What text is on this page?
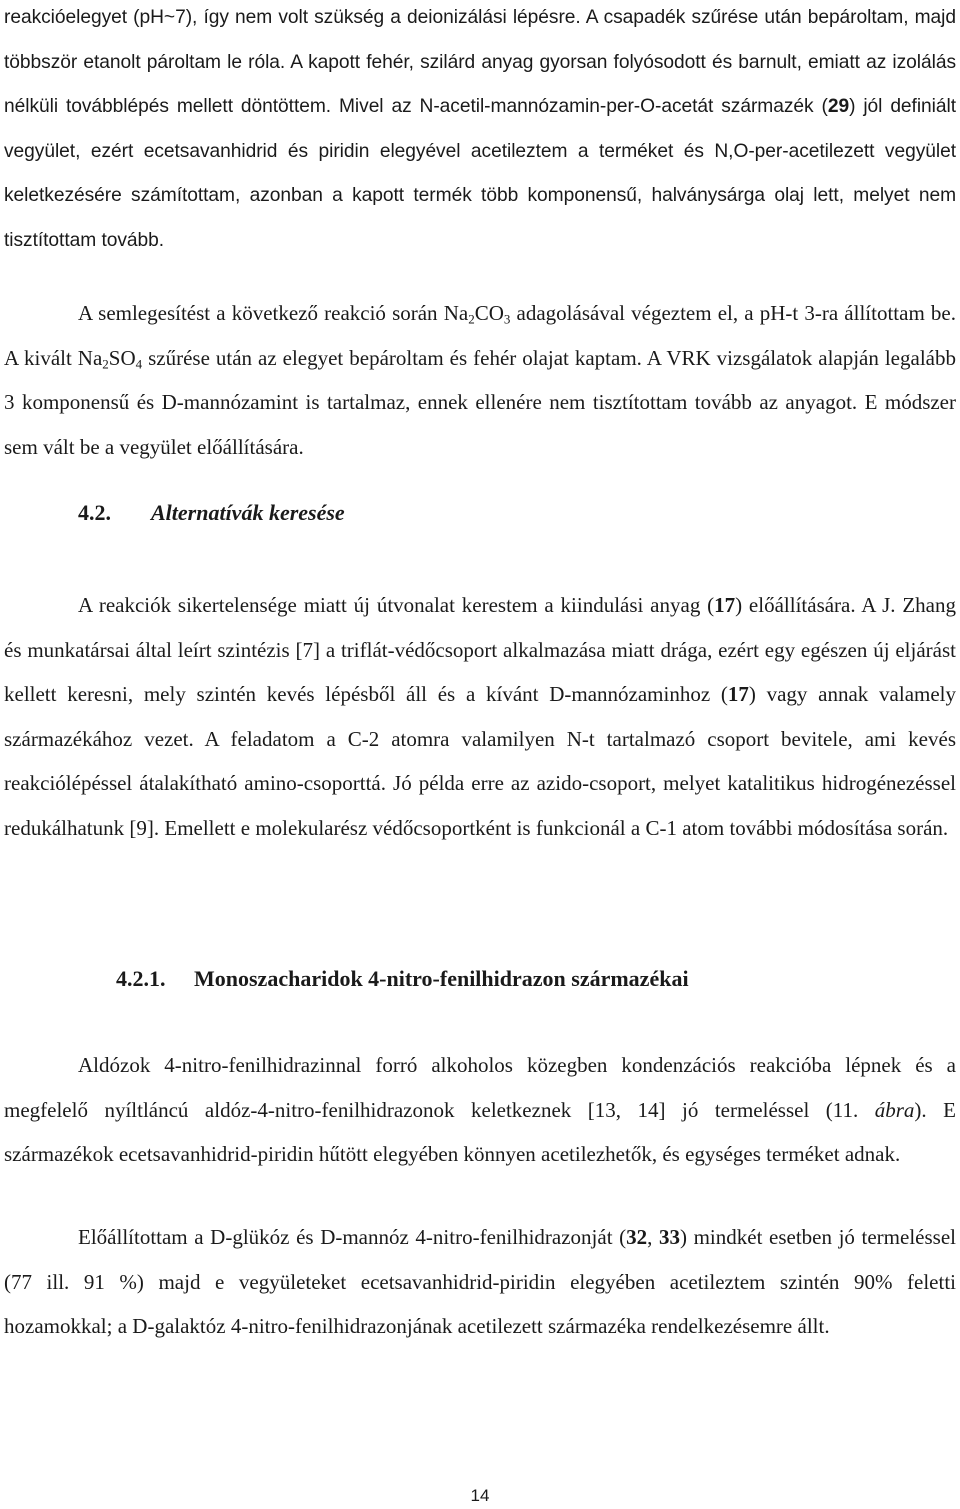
reakcióelegyet (pH~7), így nem volt szükség a deionizálási lépésre. A csapadék szűrése után bepároltam, majd többször etanolt pároltam le róla. A kapott fehér, szilárd anyag gyorsan folyósodott és barnult, emiatt az izolálás nélküli továbblépés mellett döntöttem. Mivel az N-acetil-mannózamin-per-O-acetát származék (29) jól definiált vegyület, ezért ecetsavanhidrid és piridin elegyével acetileztem a terméket és N,O-per-acetilezett vegyület keletkezésére számítottam, azonban a kapott termék több komponensű, halványsárga olaj lett, melyet nem tisztítottam tovább.

A semlegesítést a következő reakció során $Na_2CO_3$ adagolásával végeztem el, a pH-t 3-ra állítottam be. A kivált $Na_2SO_4$ szűrése után az elegyet bepároltam és fehér olajat kaptam. A VRK vizsgálatok alapján legalább 3 komponensű és D-mannózamint is tartalmaz, ennek ellenére nem tisztítottam tovább az anyagot. E módszer sem vált be a vegyület előállítására.

4.2. Alternatívák keresése

A reakciók sikertelensége miatt új útvonalat kerestem a kiindulási anyag (17) előállítására. A J. Zhang és munkatársai által leírt szintézis [7] a triflát-védőcsoport alkalmazása miatt drága, ezért egy egészen új eljárást kellett keresni, mely szintén kevés lépésből áll és a kívánt D-mannózaminhoz (17) vagy annak valamely származékához vezet. A feladatom a C-2 atomra valamilyen N-t tartalmazó csoport bevitele, ami kevés reakciólépéssel átalakítható amino-csoporttá. Jó példa erre az azido-csoport, melyet katalitikus hidrogénezéssel redukálhatunk [9]. Emellett e molekularész védőcsoportként is funkcionál a C-1 atom további módosítása során.

4.2.1. Monoszacharidok 4-nitro-fenilhidrazon származékai

Aldózok 4-nitro-fenilhidrazinnal forró alkoholos közegben kondenzációs reakcióba lépnek és a megfelelő nyíltláncú aldóz-4-nitro-fenilhidrazonok keletkeznek [13, 14] jó termeléssel (11. ábra). E származékok ecetsavanhidrid-piridin hűtött elegyében könnyen acetilezhetők, és egységes terméket adnak.

Előállítottam a D-glükóz és D-mannóz 4-nitro-fenilhidrazonját (32, 33) mindkét esetben jó termeléssel (77 ill. 91 %) majd e vegyületeket ecetsavanhidrid-piridin elegyében acetileztem szintén 90% feletti hozamokkal; a D-galaktóz 4-nitro-fenilhidrazonjának acetilezett származéka rendelkezésemre állt.

14
